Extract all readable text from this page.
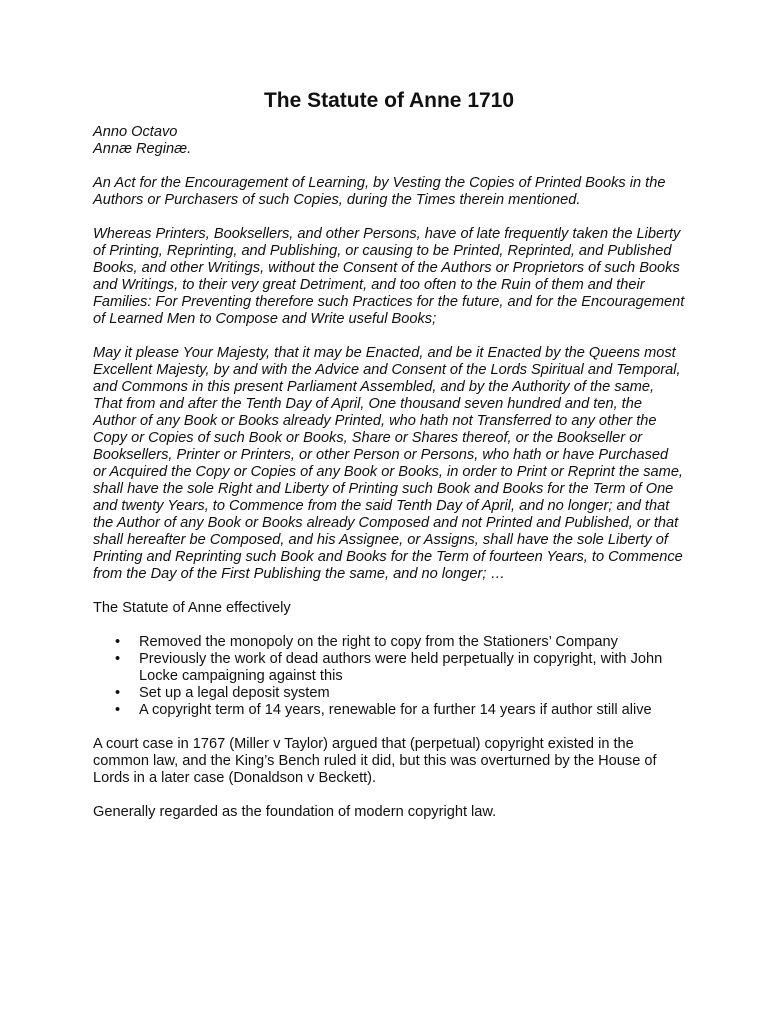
The Statute of Anne 1710

Anno Octavo

Annæ Reginæ.

An Act for the Encouragement of Learning, by Vesting the Copies of Printed Books in the Authors or Purchasers of such Copies, during the Times therein mentioned.

Whereas Printers, Booksellers, and other Persons, have of late frequently taken the Liberty of Printing, Reprinting, and Publishing, or causing to be Printed, Reprinted, and Published Books, and other Writings, without the Consent of the Authors or Proprietors of such Books and Writings, to their very great Detriment, and too often to the Ruin of them and their Families: For Preventing therefore such Practices for the future, and for the Encouragement of Learned Men to Compose and Write useful Books;

May it please Your Majesty, that it may be Enacted, and be it Enacted by the Queens most Excellent Majesty, by and with the Advice and Consent of the Lords Spiritual and Temporal, and Commons in this present Parliament Assembled, and by the Authority of the same, That from and after the Tenth Day of April, One thousand seven hundred and ten, the Author of any Book or Books already Printed, who hath not Transferred to any other the Copy or Copies of such Book or Books, Share or Shares thereof, or the Bookseller or Booksellers, Printer or Printers, or other Person or Persons, who hath or have Purchased or Acquired the Copy or Copies of any Book or Books, in order to Print or Reprint the same, shall have the sole Right and Liberty of Printing such Book and Books for the Term of One and twenty Years, to Commence from the said Tenth Day of April, and no longer; and that the Author of any Book or Books already Composed and not Printed and Published, or that shall hereafter be Composed, and his Assignee, or Assigns, shall have the sole Liberty of Printing and Reprinting such Book and Books for the Term of fourteen Years, to Commence from the Day of the First Publishing the same, and no longer; …

The Statute of Anne effectively

• Removed the monopoly on the right to copy from the Stationers’ Company
• Previously the work of dead authors were held perpetually in copyright, with John Locke campaigning against this
• Set up a legal deposit system
• A copyright term of 14 years, renewable for a further 14 years if author still alive

A court case in 1767 (Miller v Taylor) argued that (perpetual) copyright existed in the common law, and the King’s Bench ruled it did, but this was overturned by the House of Lords in a later case (Donaldson v Beckett).

Generally regarded as the foundation of modern copyright law.
